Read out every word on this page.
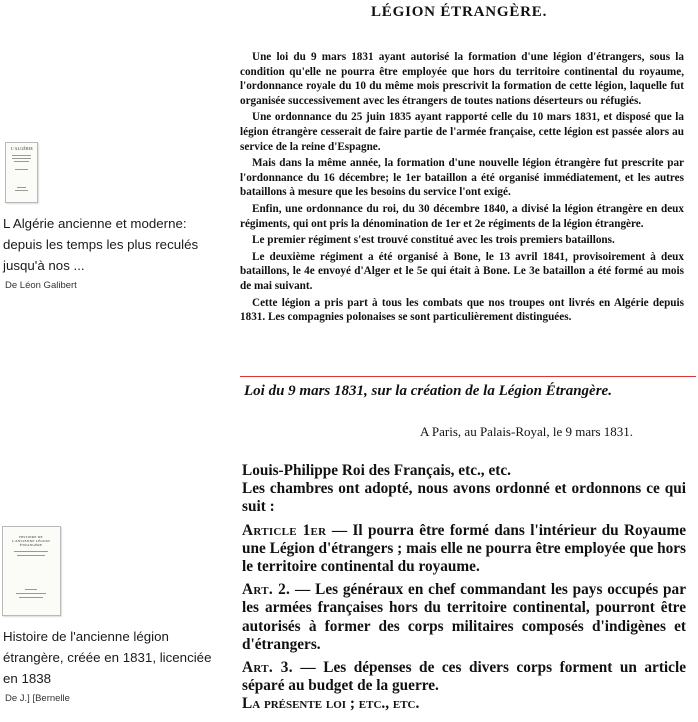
L'ALGÉRIE
L Algérie ancienne et moderne: depuis les temps les plus reculés jusqu'à nos ...
De Léon Galibert
HISTOIRE DE L'ANCIENNE LÉGION ÉTRANGÈRE
Histoire de l'ancienne légion étrangère, créée en 1831, licenciée en 1838
De J.] [Bernelle
LÉGION ÉTRANGÈRE.

Une loi du 9 mars 1831 ayant autorisé la formation d'une légion d'étrangers, sous la condition qu'elle ne pourra être employée que hors du territoire continental du royaume, l'ordonnance royale du 10 du même mois prescrivit la formation de cette légion, laquelle fut organisée successivement avec les étrangers de toutes nations déserteurs ou réfugiés.

Une ordonnance du 25 juin 1835 ayant rapporté celle du 10 mars 1831, et disposé que la légion étrangère cesserait de faire partie de l'armée française, cette légion est passée alors au service de la reine d'Espagne.

Mais dans la même année, la formation d'une nouvelle légion étrangère fut prescrite par l'ordonnance du 16 décembre; le 1er bataillon a été organisé immédiatement, et les autres bataillons à mesure que les besoins du service l'ont exigé.

Enfin, une ordonnance du roi, du 30 décembre 1840, a divisé la légion étrangère en deux régiments, qui ont pris la dénomination de 1er et 2e régiments de la légion étrangère.

Le premier régiment s'est trouvé constitué avec les trois premiers bataillons.

Le deuxième régiment a été organisé à Bone, le 13 avril 1841, provisoirement à deux bataillons, le 4e envoyé d'Alger et le 5e qui était à Bone. Le 3e bataillon a été formé au mois de mai suivant.

Cette légion a pris part à tous les combats que nos troupes ont livrés en Algérie depuis 1831. Les compagnies polonaises se sont particulièrement distinguées.

Loi du 9 mars 1831, sur la création de la Légion Étrangère.
A Paris, au Palais-Royal, le 9 mars 1831.
Louis-Philippe Roi des Français, etc., etc.

Les chambres ont adopté, nous avons ordonné et ordonnons ce qui suit :

Article 1er — Il pourra être formé dans l'intérieur du Royaume une Légion d'étrangers ; mais elle ne pourra être employée que hors le territoire continental du royaume.

Art. 2. — Les généraux en chef commandant les pays occupés par les armées françaises hors du territoire continental, pourront être autorisés à former des corps militaires composés d'indigènes et d'étrangers.

Art. 3. — Les dépenses de ces divers corps forment un article séparé au budget de la guerre.
La présente loi ; etc., etc.
